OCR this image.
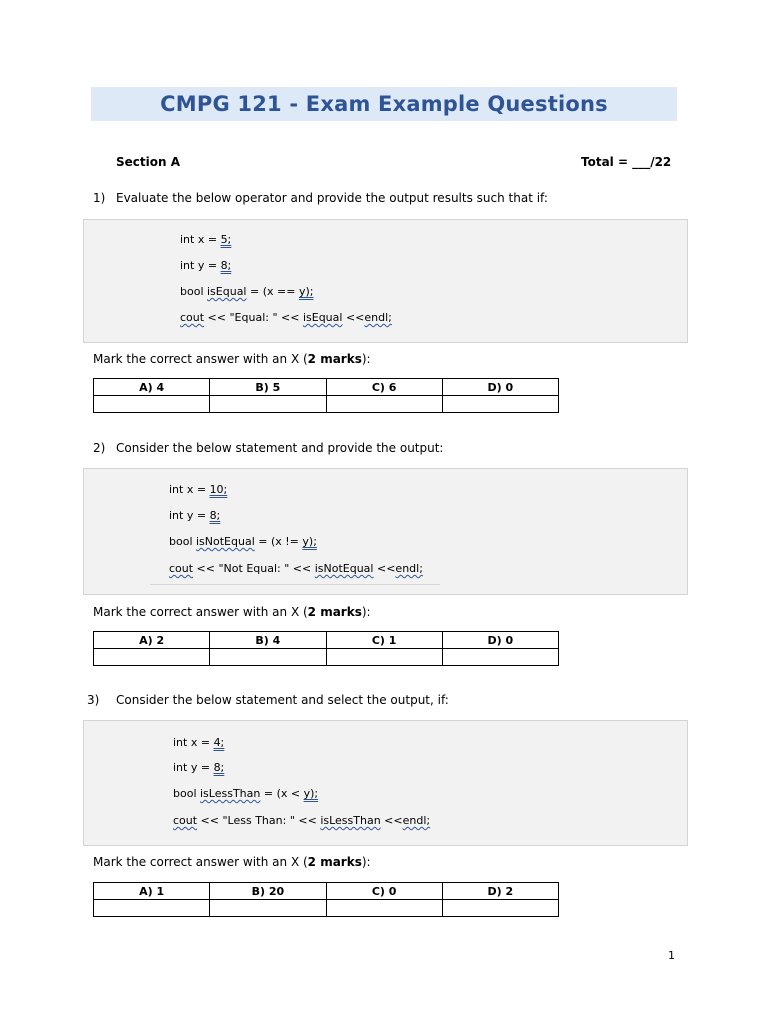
CMPG 121 - Exam Example Questions
Section A	Total = ___/22
1) Evaluate the below operator and provide the output results such that if:
int x = 5;
int y = 8;
bool isEqual = (x == y);
cout << "Equal: " << isEqual <<endl;
Mark the correct answer with an X (2 marks):
A) 4	B) 5	C) 6	D) 0

2) Consider the below statement and provide the output:
int x = 10;
int y = 8;
bool isNotEqual = (x != y);
cout << "Not Equal: " << isNotEqual <<endl;
Mark the correct answer with an X (2 marks):
A) 2	B) 4	C) 1	D) 0

3) Consider the below statement and select the output, if:
int x = 4;
int y = 8;
bool isLessThan = (x < y);
cout << "Less Than: " << isLessThan <<endl;
Mark the correct answer with an X (2 marks):
A) 1	B) 20	C) 0	D) 2

1
